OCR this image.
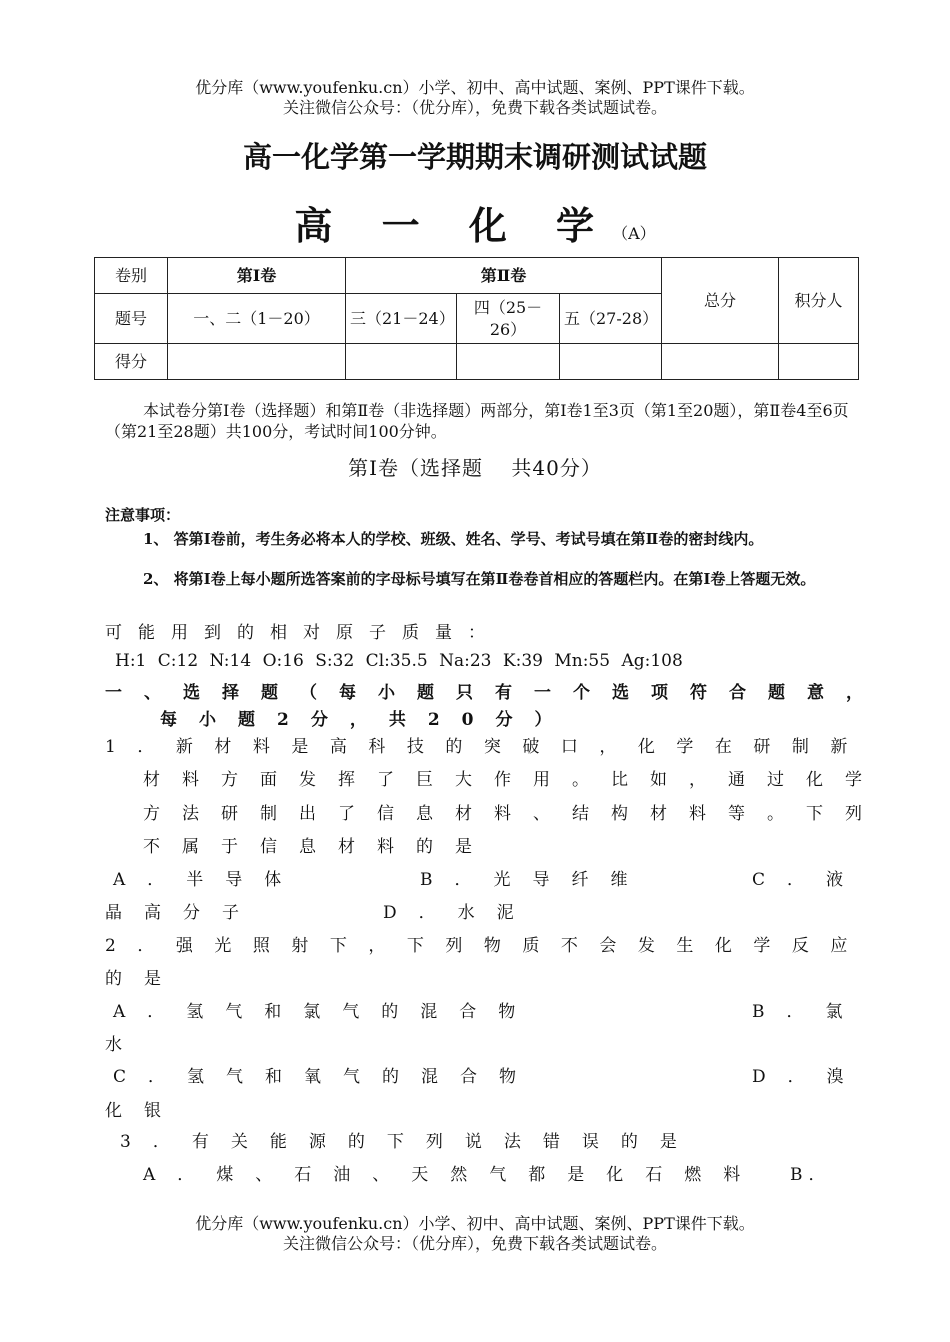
优分库（www.youfenku.cn）小学、初中、高中试题、案例、PPT课件下载。
关注微信公众号：（优分库），免费下载各类试题试卷。
高一化学第一学期期末调研测试试题
高 一 化 学（A）
卷别	第Ⅰ卷	第Ⅱ卷			总分	积分人
题号	一、二（1－20）	三（21－24）	四（25－26）	五（27-28）		
得分						
本试卷分第Ⅰ卷（选择题）和第Ⅱ卷（非选择题）两部分，第Ⅰ卷1至3页（第1至20题），第Ⅱ卷4至6页（第21至28题）共100分，考试时间100分钟。
第Ⅰ卷（选择题　 共40分）
注意事项：
1、 答第Ⅰ卷前，考生务必将本人的学校、班级、姓名、学号、考试号填在第Ⅱ卷的密封线内。
2、 将第Ⅰ卷上每小题所选答案前的字母标号填写在第Ⅱ卷卷首相应的答题栏内。在第Ⅰ卷上答题无效。
可能用到的相对原子质量：
H:1 C:12 N:14 O:16 S:32 Cl:35.5 Na:23 K:39 Mn:55 Ag:108
一、选择题（每小题只有一个选项符合题意，
每小题2分，共20分）
1．新材料是高科技的突破口，化学在研制新
材料方面发挥了巨大作用。比如，通过化学
方法研制出了信息材料、结构材料等。下列
不属于信息材料的是
A．半导体	B．光导纤维	C．液
晶高分子	D．水泥
2．强光照射下，下列物质不会发生化学反应
的是
A．氢气和氯气的混合物	B．氯
水
C．氢气和氧气的混合物	D．溴
化银
3．有关能源的下列说法错误的是
A．煤、石油、天然气都是化石燃料 B．
优分库（www.youfenku.cn）小学、初中、高中试题、案例、PPT课件下载。
关注微信公众号：（优分库），免费下载各类试题试卷。
